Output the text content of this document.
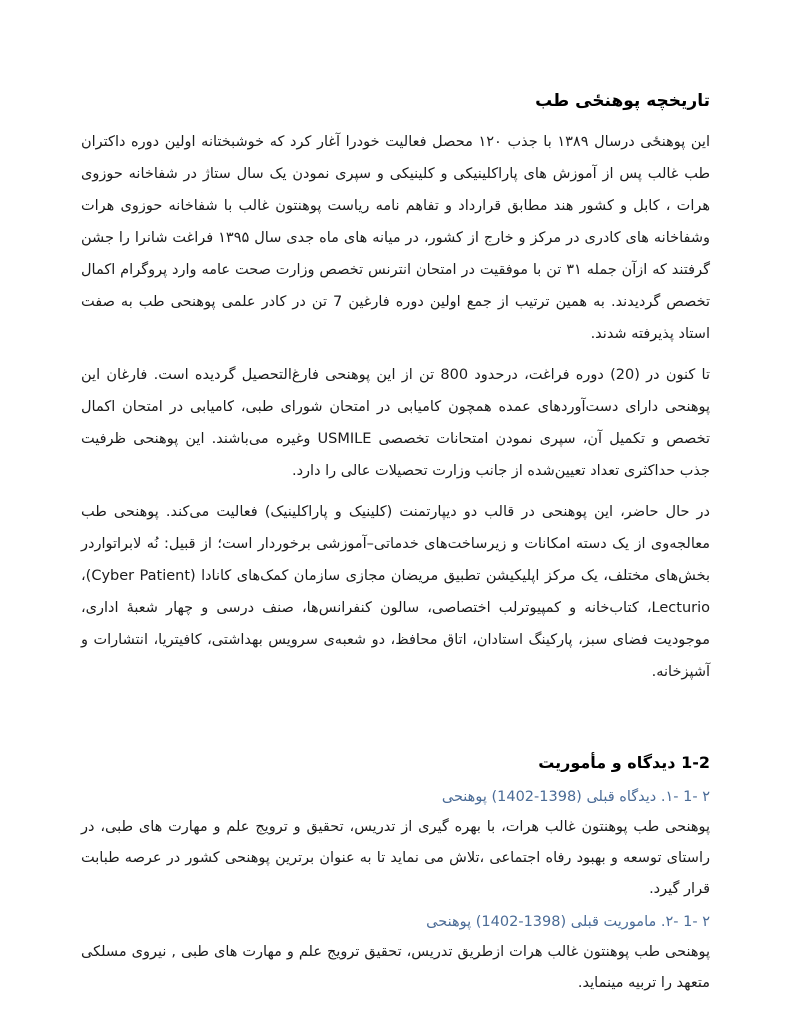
تاریخچه پوهنځی طب

این پوهنځی درسال ۱۳۸۹ با جذب ۱۲۰ محصل فعالیت خودرا آغار کرد که خوشبختانه اولین دوره داکتران طب غالب پس از آموزش های پاراکلینیکی و کلینیکی و سپری نمودن یک سال ستاژ در شفاخانه حوزوی هرات ، کابل و کشور هند مطابق قرارداد و تفاهم نامه ریاست پوهنتون غالب با شفاخانه حوزوی هرات وشفاخانه های کادری در مرکز و خارج از کشور، در میانه های ماه جدی سال ۱۳۹۵ فراغت شانرا را جشن گرفتند که ازآن جمله ۳۱ تن با موفقیت در امتحان انترنس تخصص وزارت صحت عامه وارد پروگرام اکمال تخصص گردیدند. به همین ترتیب از جمع اولین دوره فارغین 7 تن در کادر علمی پوهنحی طب به صفت استاد پذیرفته شدند.

تا کنون در (20) دوره فراغت، درحدود 800 تن از این پوهنحی فارغ‌التحصیل گردیده است. فارغان این پوهنحی دارای دست‌آوردهای عمده همچون کامیابی در امتحان شورای طبی، کامیابی در امتحان اکمال تخصص و تکمیل آن، سپری نمودن امتحانات تخصصی USMILE وغیره می‌باشند. این پوهنحی ظرفیت جذب حداکثری تعداد تعیین‌شده از جانب وزارت تحصیلات عالی را دارد.

در حال حاضر، این پوهنحی در قالب دو دیپارتمنت (کلینیک و پاراکلینیک) فعالیت می‌کند. پوهنحی طب معالجه‌وی از یک دسته امکانات و زیرساخت‌های خدماتی–آموزشی برخوردار است؛ از قبیل: نُه لابراتواردر بخش‌های مختلف، یک مرکز اپلیکیشن تطبیق مریضان مجازی سازمان کمک‌های کانادا (Cyber Patient)‏، Lecturio‏، کتاب‌خانه و کمپیوترلب اختصاصی، سالون کنفرانس‌ها، صنف درسی و چهار شعبهٔ اداری، موجودیت فضای سبز، پارکینگ استادان، اتاق محافظ، دو شعبه‌ی سرویس بهداشتی، کافیتریا، انتشارات و آشپزخانه.

1-2 دیدگاه و مأموریت
۲ -1 -۱. دیدگاه قبلی (1398-1402) پوهنحی

پوهنحی طب پوهنتون غالب هرات، با بهره گیری از تدریس، تحقیق و ترویج علم و مهارت های طبی، در راستای توسعه و بهبود رفاه اجتماعی ،تلاش می نماید تا به عنوان برترین پوهنحی کشور در عرصه طبابت قرار گیرد.

۲ -1 -۲. ماموریت قبلی (1398-1402) پوهنحی

پوهنحی طب پوهنتون غالب هرات ازطریق تدریس، تحقیق ترویج علم و مهارت های طبی , نیروی مسلکی متعهد را تربیه مینماید.
